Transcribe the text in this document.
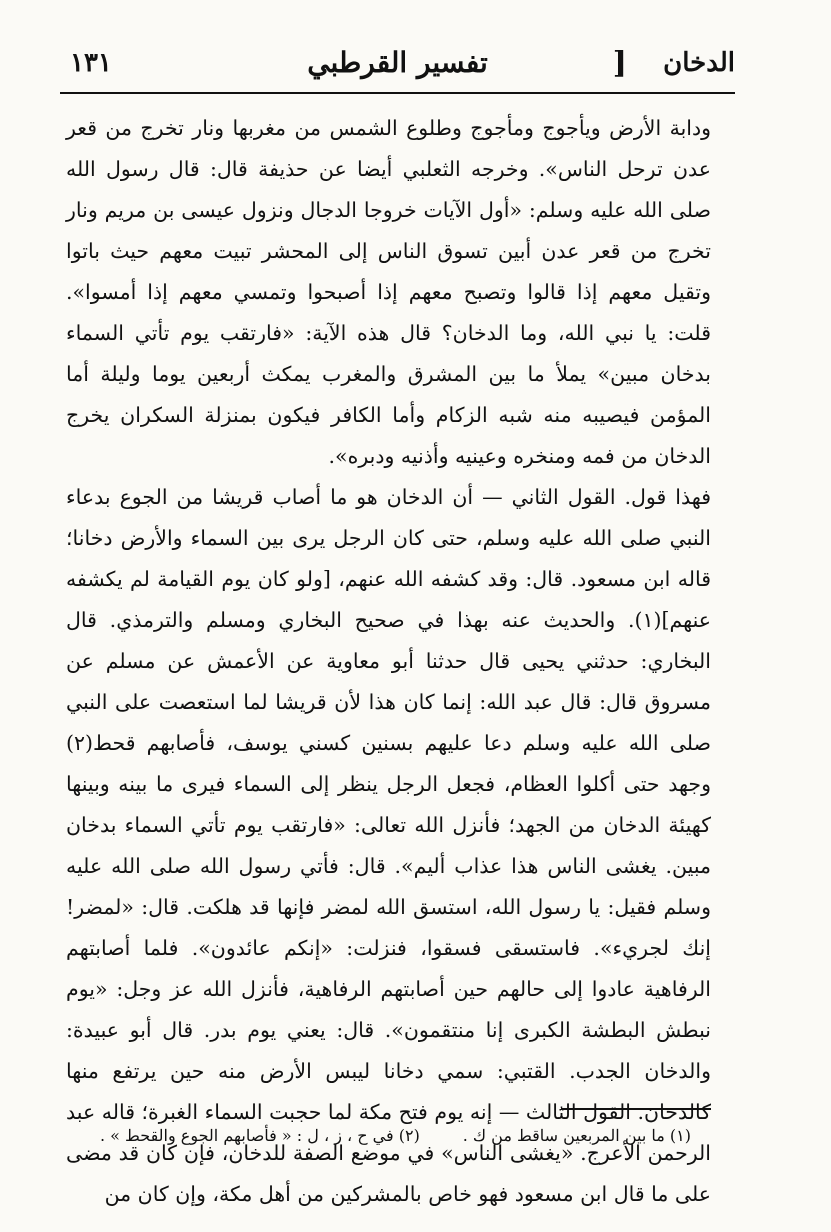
١٣١	تفسير القرطبي	] الدخان

ودابة الأرض ويأجوج ومأجوج وطلوع الشمس من مغربها ونار تخرج من قعر عدن ترحل الناس». وخرجه الثعلبي أيضا عن حذيفة قال: قال رسول الله صلى الله عليه وسلم: «أول الآيات خروجا الدجال ونزول عيسى بن مريم ونار تخرج من قعر عدن أبين تسوق الناس إلى المحشر تبيت معهم حيث باتوا وتقيل معهم إذا قالوا وتصبح معهم إذا أصبحوا وتمسي معهم إذا أمسوا». قلت: يا نبي الله، وما الدخان؟ قال هذه الآية: «فارتقب يوم تأتي السماء بدخان مبين» يملأ ما بين المشرق والمغرب يمكث أربعين يوما وليلة أما المؤمن فيصيبه منه شبه الزكام وأما الكافر فيكون بمنزلة السكران يخرج الدخان من فمه ومنخره وعينيه وأذنيه ودبره».

فهذا قول. القول الثاني — أن الدخان هو ما أصاب قريشا من الجوع بدعاء النبي صلى الله عليه وسلم، حتى كان الرجل يرى بين السماء والأرض دخانا؛ قاله ابن مسعود. قال: وقد كشفه الله عنهم، [ولو كان يوم القيامة لم يكشفه عنهم](١). والحديث عنه بهذا في صحيح البخاري ومسلم والترمذي. قال البخاري: حدثني يحيى قال حدثنا أبو معاوية عن الأعمش عن مسلم عن مسروق قال: قال عبد الله: إنما كان هذا لأن قريشا لما استعصت على النبي صلى الله عليه وسلم دعا عليهم بسنين كسني يوسف، فأصابهم قحط(٢) وجهد حتى أكلوا العظام، فجعل الرجل ينظر إلى السماء فيرى ما بينه وبينها كهيئة الدخان من الجهد؛ فأنزل الله تعالى: «فارتقب يوم تأتي السماء بدخان مبين. يغشى الناس هذا عذاب أليم». قال: فأتي رسول الله صلى الله عليه وسلم فقيل: يا رسول الله، استسق الله لمضر فإنها قد هلكت. قال: «لمضر! إنك لجريء». فاستسقى فسقوا، فنزلت: «إنكم عائدون». فلما أصابتهم الرفاهية عادوا إلى حالهم حين أصابتهم الرفاهية، فأنزل الله عز وجل: «يوم نبطش البطشة الكبرى إنا منتقمون». قال: يعني يوم بدر. قال أبو عبيدة: والدخان الجدب. القتبي: سمي دخانا ليبس الأرض منه حين يرتفع منها كالدخان. القول الثالث — إنه يوم فتح مكة لما حجبت السماء الغبرة؛ قاله عبد الرحمن الأعرج. «يغشى الناس» في موضع الصفة للدخان، فإن كان قد مضى على ما قال ابن مسعود فهو خاص بالمشركين من أهل مكة، وإن كان من

(١) ما بين المربعين ساقط من ك .
(٢) في ح ، ز ، ل : « فأصابهم الجوع والقحط » .
